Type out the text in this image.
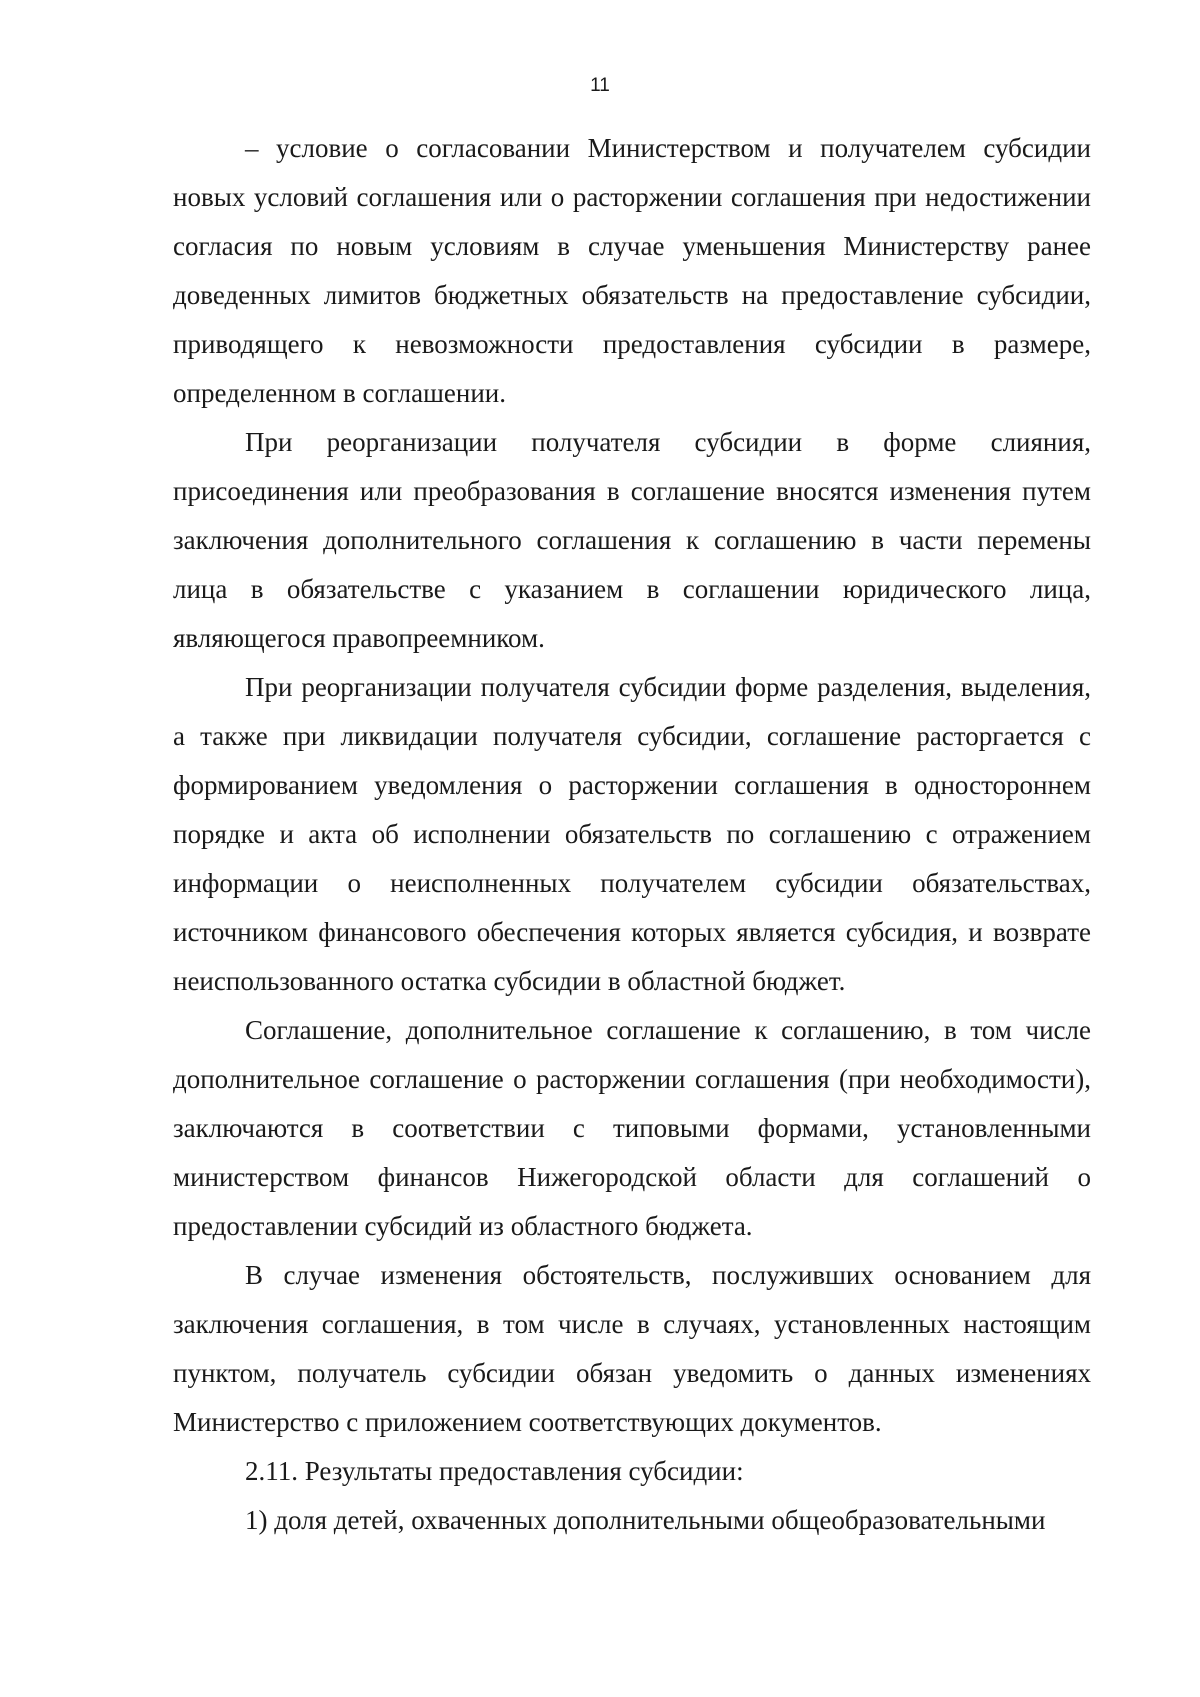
11

– условие о согласовании Министерством и получателем субсидии новых условий соглашения или о расторжении соглашения при недостижении согласия по новым условиям в случае уменьшения Министерству ранее доведенных лимитов бюджетных обязательств на предоставление субсидии, приводящего к невозможности предоставления субсидии в размере, определенном в соглашении.

При реорганизации получателя субсидии в форме слияния, присоединения или преобразования в соглашение вносятся изменения путем заключения дополнительного соглашения к соглашению в части перемены лица в обязательстве с указанием в соглашении юридического лица, являющегося правопреемником.

При реорганизации получателя субсидии форме разделения, выделения, а также при ликвидации получателя субсидии, соглашение расторгается с формированием уведомления о расторжении соглашения в одностороннем порядке и акта об исполнении обязательств по соглашению с отражением информации о неисполненных получателем субсидии обязательствах, источником финансового обеспечения которых является субсидия, и возврате неиспользованного остатка субсидии в областной бюджет.

Соглашение, дополнительное соглашение к соглашению, в том числе дополнительное соглашение о расторжении соглашения (при необходимости), заключаются в соответствии с типовыми формами, установленными министерством финансов Нижегородской области для соглашений о предоставлении субсидий из областного бюджета.

В случае изменения обстоятельств, послуживших основанием для заключения соглашения, в том числе в случаях, установленных настоящим пунктом, получатель субсидии обязан уведомить о данных изменениях Министерство с приложением соответствующих документов.

2.11. Результаты предоставления субсидии:

1) доля детей, охваченных дополнительными общеобразовательными
